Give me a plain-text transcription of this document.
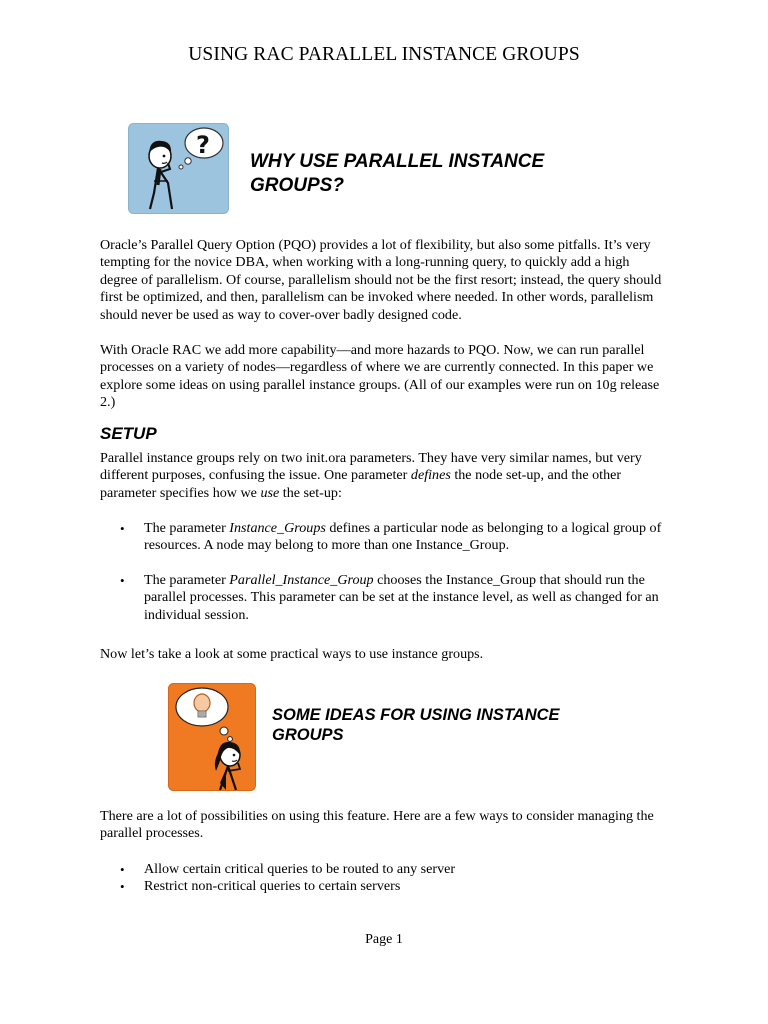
USING RAC PARALLEL INSTANCE GROUPS
?
WHY USE PARALLEL INSTANCE GROUPS?

Oracle’s Parallel Query Option (PQO) provides a lot of flexibility, but also some pitfalls. It’s very tempting for the novice DBA, when working with a long-running query, to quickly add a high degree of parallelism. Of course, parallelism should not be the first resort; instead, the query should first be optimized, and then, parallelism can be invoked where needed. In other words, parallelism should never be used as way to cover-over badly designed code.

With Oracle RAC we add more capability—and more hazards to PQO. Now, we can run parallel processes on a variety of nodes—regardless of where we are currently connected. In this paper we explore some ideas on using parallel instance groups. (All of our examples were run on 10g release 2.)

SETUP

Parallel instance groups rely on two init.ora parameters. They have very similar names, but very different purposes, confusing the issue. One parameter defines the node set-up, and the other parameter specifies how we use the set-up:

• The parameter Instance_Groups defines a particular node as belonging to a logical group of resources. A node may belong to more than one Instance_Group.
• The parameter Parallel_Instance_Group chooses the Instance_Group that should run the parallel processes. This parameter can be set at the instance level, as well as changed for an individual session.

Now let’s take a look at some practical ways to use instance groups.

SOME IDEAS FOR USING INSTANCE GROUPS

There are a lot of possibilities on using this feature. Here are a few ways to consider managing the parallel processes.

• Allow certain critical queries to be routed to any server
• Restrict non-critical queries to certain servers
Page 1
